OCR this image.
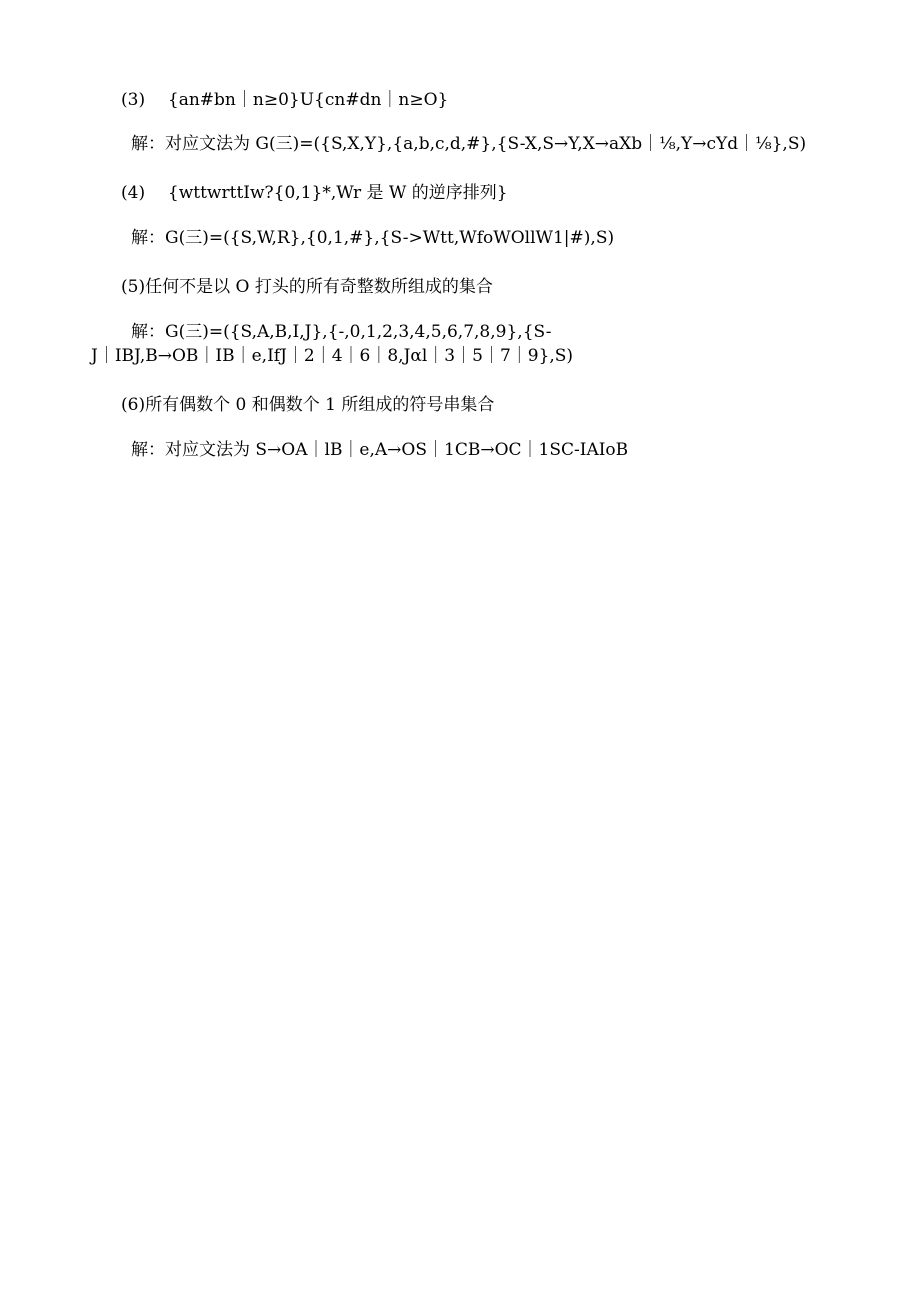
(3) {an#bn｜n≥0}U{cn#dn｜n≥O}
解：对应文法为 G(三)=({S,X,Y},{a,b,c,d,#},{S-X,S→Y,X→aXb｜⅛,Y→cYd｜⅛},S)
(4) {wttwrttIw?{0,1}*,Wr 是 W 的逆序排列}
解：G(三)=({S,W,R},{0,1,#},{S->Wtt,WfoWOllW1|#),S)
(5)任何不是以 O 打头的所有奇整数所组成的集合
解：G(三)=({S,A,B,I,J},{-,0,1,2,3,4,5,6,7,8,9},{S-
J｜IBJ,B→OB｜IB｜e,IfJ｜2｜4｜6｜8,Jαl｜3｜5｜7｜9},S)
(6)所有偶数个 0 和偶数个 1 所组成的符号串集合
解：对应文法为 S→OA｜lB｜e,A→OS｜1CB→OC｜1SC-IAIoB
